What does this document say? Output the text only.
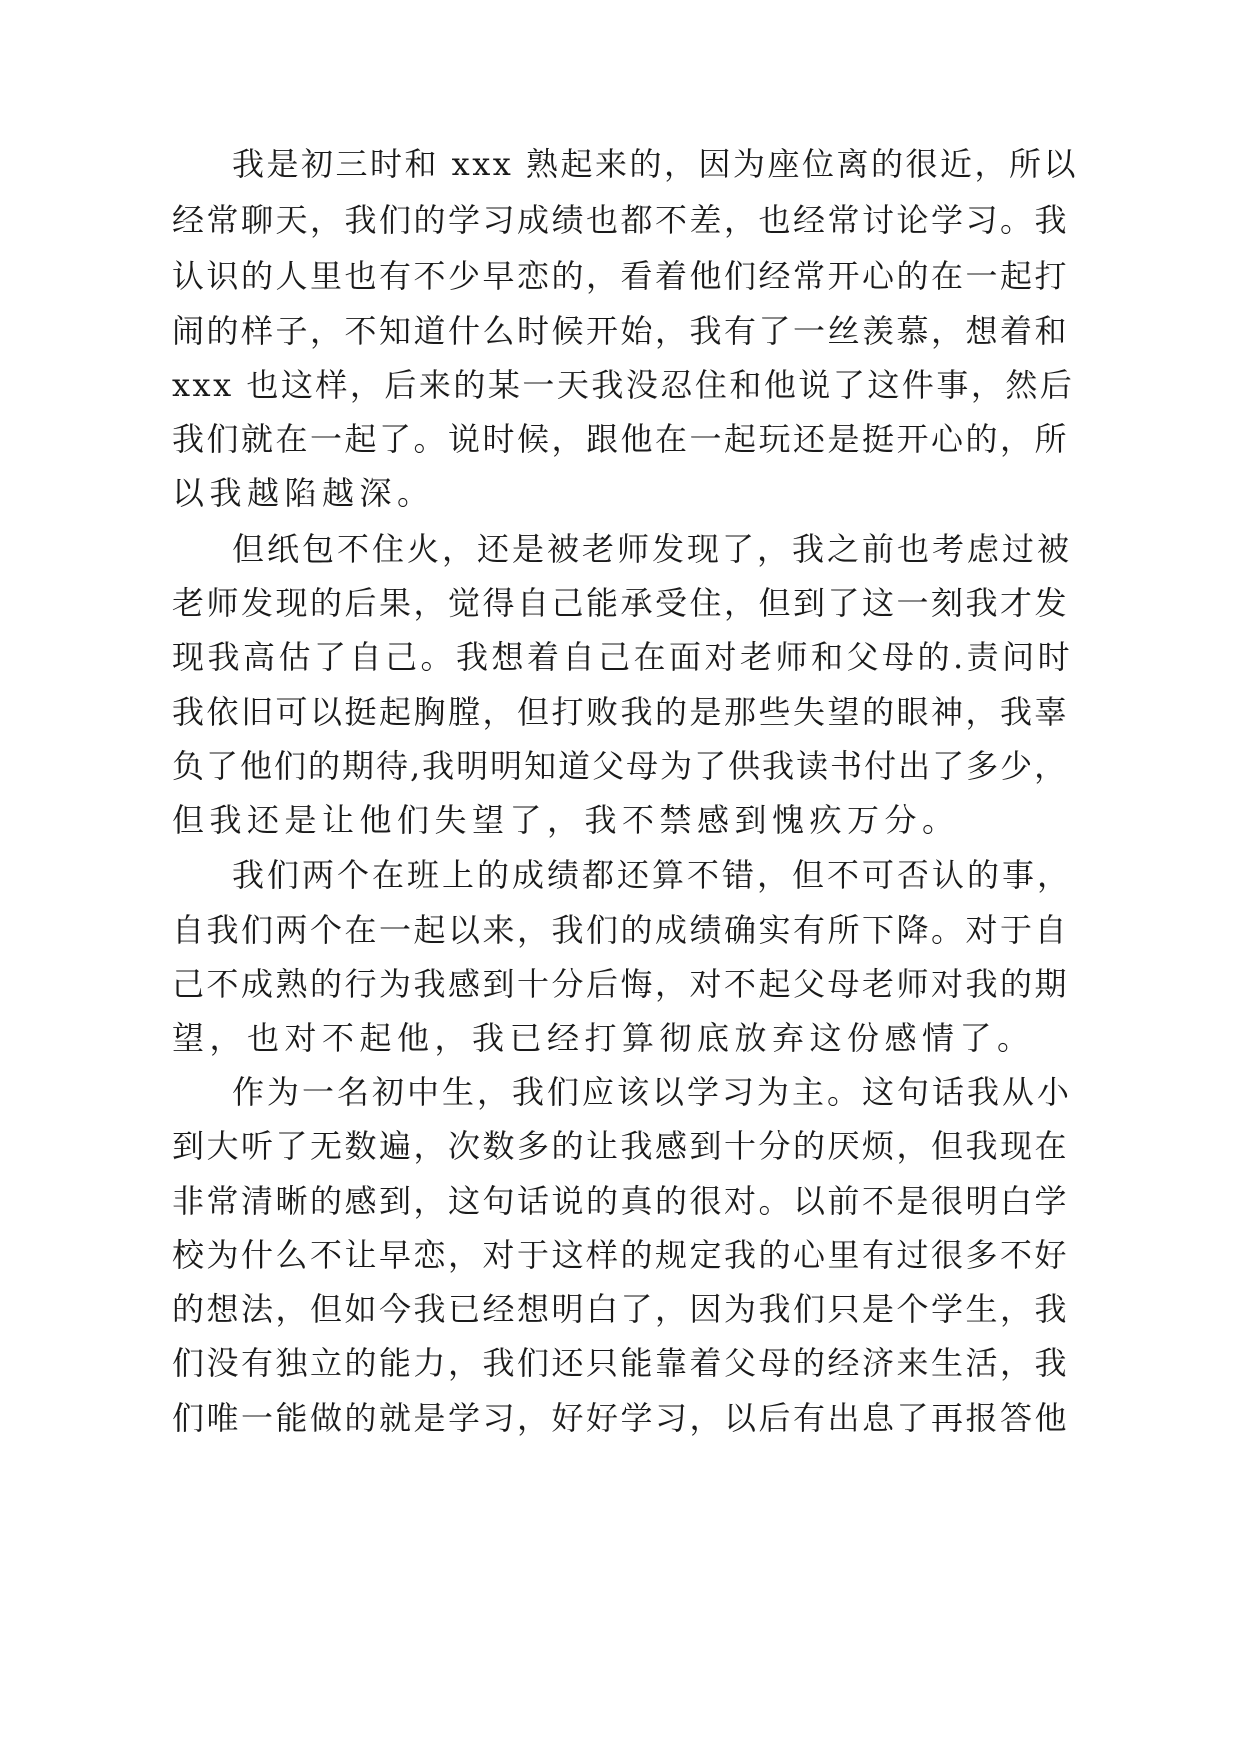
我是初三时和 xxx 熟起来的，因为座位离的很近，所以
经常聊天，我们的学习成绩也都不差，也经常讨论学习。我
认识的人里也有不少早恋的，看着他们经常开心的在一起打
闹的样子，不知道什么时候开始，我有了一丝羡慕，想着和
xxx 也这样，后来的某一天我没忍住和他说了这件事，然后
我们就在一起了。说时候，跟他在一起玩还是挺开心的，所
以我越陷越深。
但纸包不住火，还是被老师发现了，我之前也考虑过被
老师发现的后果，觉得自己能承受住，但到了这一刻我才发
现我高估了自己。我想着自己在面对老师和父母的.责问时
我依旧可以挺起胸膛，但打败我的是那些失望的眼神，我辜
负了他们的期待,我明明知道父母为了供我读书付出了多少，
但我还是让他们失望了，我不禁感到愧疚万分。
我们两个在班上的成绩都还算不错，但不可否认的事，
自我们两个在一起以来，我们的成绩确实有所下降。对于自
己不成熟的行为我感到十分后悔，对不起父母老师对我的期
望，也对不起他，我已经打算彻底放弃这份感情了。
作为一名初中生，我们应该以学习为主。这句话我从小
到大听了无数遍，次数多的让我感到十分的厌烦，但我现在
非常清晰的感到，这句话说的真的很对。以前不是很明白学
校为什么不让早恋，对于这样的规定我的心里有过很多不好
的想法，但如今我已经想明白了，因为我们只是个学生，我
们没有独立的能力，我们还只能靠着父母的经济来生活，我
们唯一能做的就是学习，好好学习，以后有出息了再报答他
